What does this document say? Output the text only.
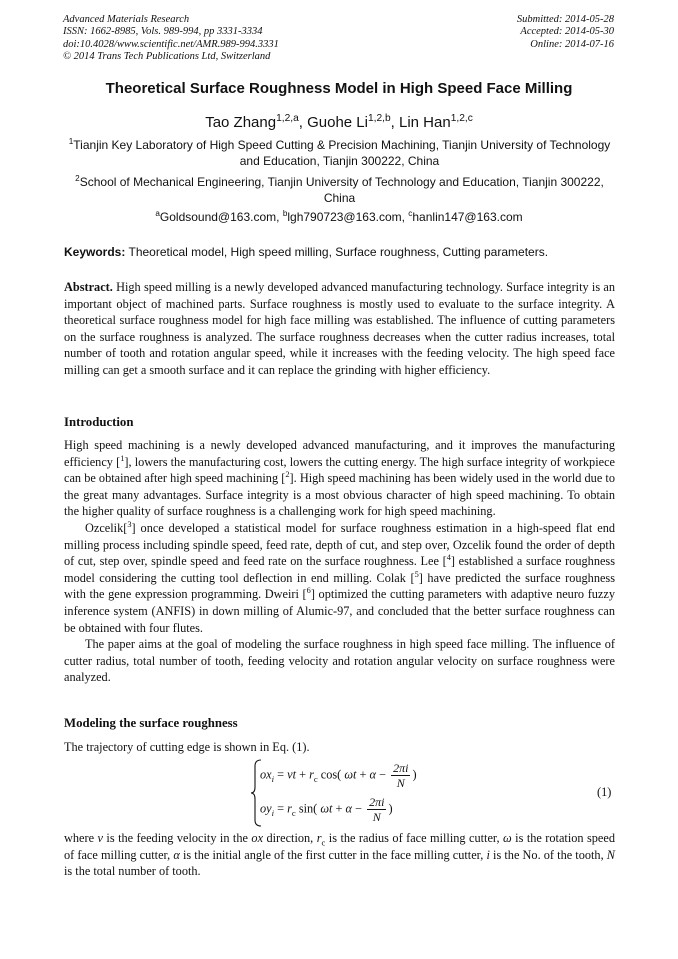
Advanced Materials Research
ISSN: 1662-8985, Vols. 989-994, pp 3331-3334
doi:10.4028/www.scientific.net/AMR.989-994.3331
© 2014 Trans Tech Publications Ltd, Switzerland
Submitted: 2014-05-28
Accepted: 2014-05-30
Online: 2014-07-16
Theoretical Surface Roughness Model in High Speed Face Milling
Tao Zhang$^{1,2,a}$, Guohe Li$^{1,2,b}$, Lin Han$^{1,2,c}$
$^1$Tianjin Key Laboratory of High Speed Cutting & Precision Machining, Tianjin University of Technology and Education, Tianjin 300222, China
$^2$School of Mechanical Engineering, Tianjin University of Technology and Education, Tianjin 300222, China
$^a$Goldsound@163.com, $^b$lgh790723@163.com, $^c$hanlin147@163.com
Keywords: Theoretical model, High speed milling, Surface roughness, Cutting parameters.

Abstract. High speed milling is a newly developed advanced manufacturing technology. Surface integrity is an important object of machined parts. Surface roughness is mostly used to evaluate to the surface integrity. A theoretical surface roughness model for high face milling was established. The influence of cutting parameters on the surface roughness is analyzed. The surface roughness decreases when the cutter radius increases, total number of tooth and rotation angular speed, while it increases with the feeding velocity. The high speed face milling can get a smooth surface and it can replace the grinding with higher efficiency.

Introduction

High speed machining is a newly developed advanced manufacturing, and it improves the manufacturing efficiency [$^1$], lowers the manufacturing cost, lowers the cutting energy. The high surface integrity of workpiece can be obtained after high speed machining [$^2$]. High speed machining has been widely used in the world due to the great many advantages. Surface integrity is a most obvious character of high speed machining. To obtain the higher quality of surface roughness is a challenging work for high speed machining.

Ozcelik[$^3$] once developed a statistical model for surface roughness estimation in a high-speed flat end milling process including spindle speed, feed rate, depth of cut, and step over, Ozcelik found the order of depth of cut, step over, spindle speed and feed rate on the surface roughness. Lee [$^4$] established a surface roughness model considering the cutting tool deflection in end milling. Colak [$^5$] have predicted the surface roughness with the gene expression programming. Dweiri [$^6$] optimized the cutting parameters with adaptive neuro fuzzy inference system (ANFIS) in down milling of Alumic-97, and concluded that the better surface roughness can be obtained with four flutes.

The paper aims at the goal of modeling the surface roughness in high speed face milling. The influence of cutter radius, total number of tooth, feeding velocity and rotation angular velocity on surface roughness were analyzed.

Modeling the surface roughness
The trajectory of cutting edge is shown in Eq. (1).
$ox_i$ = vt + $r_c$ cos( $\omega t + \alpha - \frac{2\pi i}{N}$ )
$oy_i = r_c$ sin( $\omega t + \alpha - \frac{2\pi i}{N}$ )
(1)
where v is the feeding velocity in the ox direction, $r_c$ is the radius of face milling cutter, ω is the rotation speed of face milling cutter, α is the initial angle of the first cutter in the face milling cutter, i is the No. of the tooth, N is the total number of tooth.
